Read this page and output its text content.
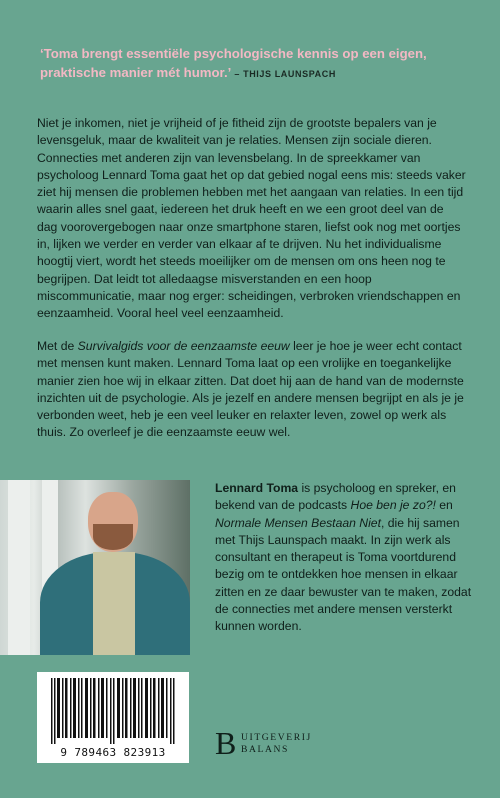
‘Toma brengt essentiële psychologische kennis op een eigen, praktische manier mét humor.’ – THIJS LAUNSPACH
Niet je inkomen, niet je vrijheid of je fitheid zijn de grootste bepalers van je levensgeluk, maar de kwaliteit van je relaties. Mensen zijn sociale dieren. Connecties met anderen zijn van levensbelang. In de spreekkamer van psycholoog Lennard Toma gaat het op dat gebied nogal eens mis: steeds vaker ziet hij mensen die problemen hebben met het aangaan van relaties. In een tijd waarin alles snel gaat, iedereen het druk heeft en we een groot deel van de dag voorovergebogen naar onze smartphone staren, liefst ook nog met oortjes in, lijken we verder en verder van elkaar af te drijven. Nu het individualisme hoogtij viert, wordt het steeds moeilijker om de mensen om ons heen nog te begrijpen. Dat leidt tot alledaagse misverstanden en een hoop miscommunicatie, maar nog erger: scheidingen, verbroken vriendschappen en eenzaamheid. Vooral heel veel eenzaamheid.
Met de Survivalgids voor de eenzaamste eeuw leer je hoe je weer echt contact met mensen kunt maken. Lennard Toma laat op een vrolijke en toegankelijke manier zien hoe wij in elkaar zitten. Dat doet hij aan de hand van de modernste inzichten uit de psychologie. Als je jezelf en andere mensen begrijpt en als je je verbonden weet, heb je een veel leuker en relaxter leven, zowel op werk als thuis. Zo overleef je die eenzaamste eeuw wel.
Lennard Toma is psycholoog en spreker, en bekend van de podcasts Hoe ben je zo?! en Normale Mensen Bestaan Niet, die hij samen met Thijs Launspach maakt. In zijn werk als consultant en therapeut is Toma voortdurend bezig om te ontdekken hoe mensen in elkaar zitten en ze daar bewuster van te maken, zodat de connecties met andere mensen versterkt kunnen worden.
9 789463 823913	B UITGEVERIJ
BALANS
